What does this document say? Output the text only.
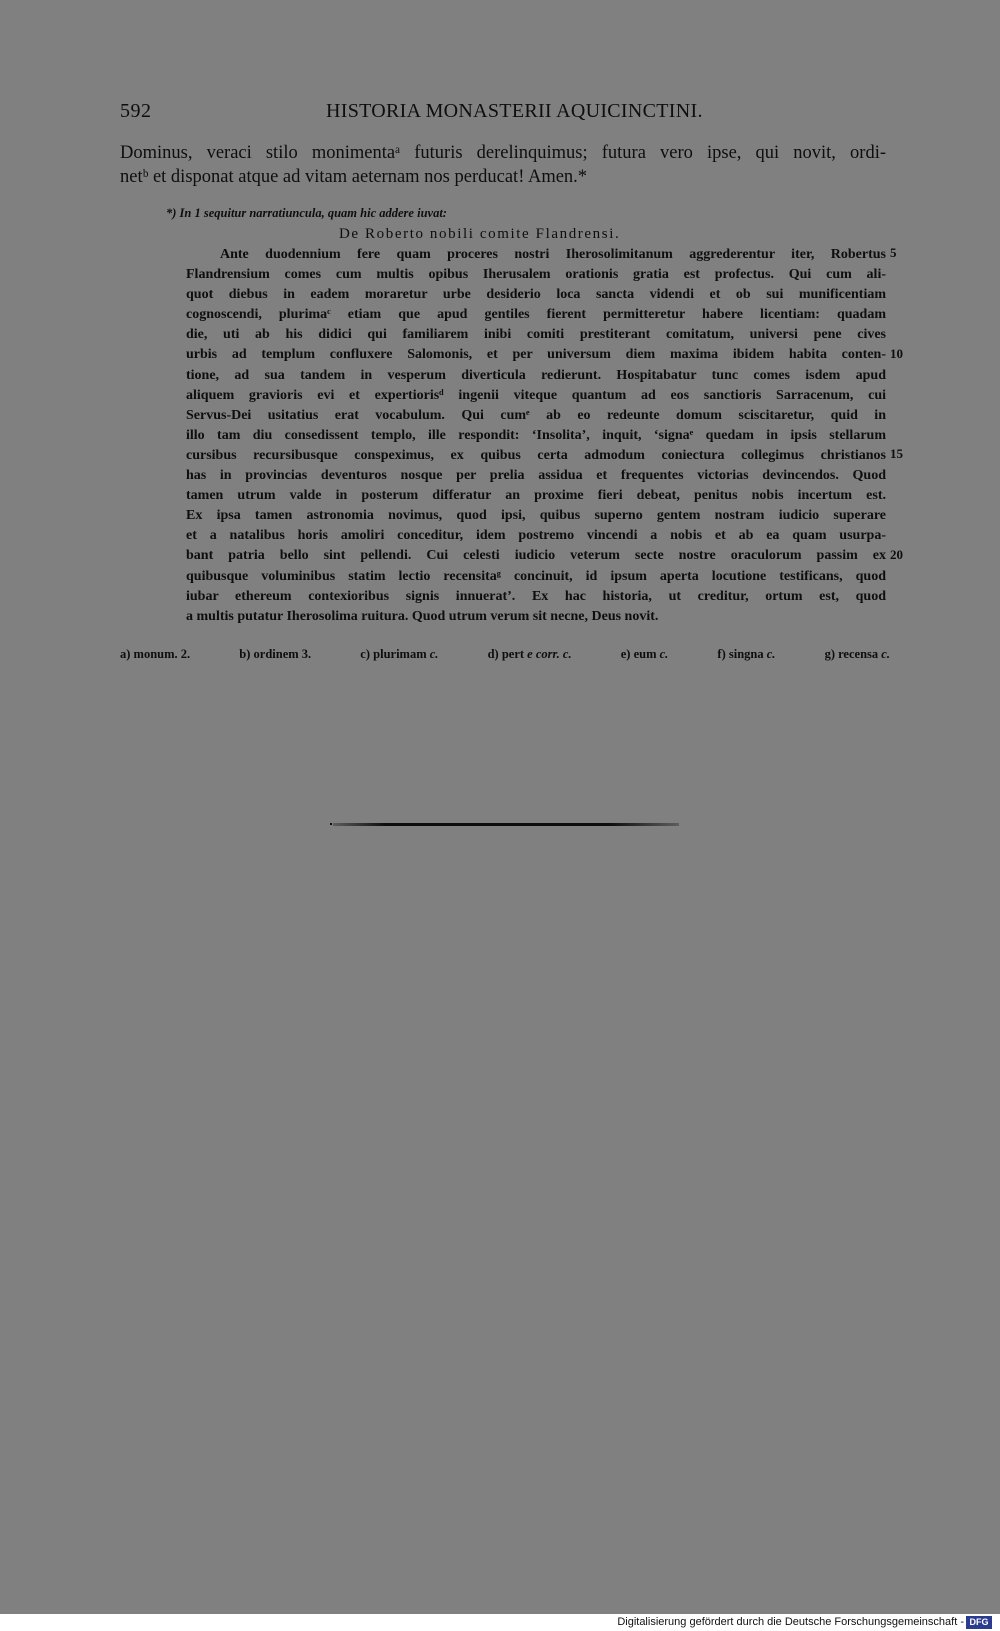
592	HISTORIA MONASTERII AQUICINCTINI.
Dominus, veraci stilo monimentaᵃ futuris derelinquimus; futura vero ipse, qui novit, ordi-
netᵇ et disponat atque ad vitam aeternam nos perducat! Amen.*
*) In 1 sequitur narratiuncula, quam hic addere iuvat:
De Roberto nobili comite Flandrensi.
Ante duodennium fere quam proceres nostri Iherosolimitanum aggrederentur iter, Robertus
Flandrensium comes cum multis opibus Iherusalem orationis gratia est profectus. Qui cum ali-
quot diebus in eadem moraretur urbe desiderio loca sancta videndi et ob sui munificentiam
cognoscendi, plurimaᶜ etiam que apud gentiles fierent permitteretur habere licentiam: quadam
die, uti ab his didici qui familiarem inibi comiti prestiterant comitatum, universi pene cives
urbis ad templum confluxere Salomonis, et per universum diem maxima ibidem habita conten-
tione, ad sua tandem in vesperum diverticula redierunt. Hospitabatur tunc comes isdem apud
aliquem gravioris evi et expertiorisᵈ ingenii viteque quantum ad eos sanctioris Sarracenum, cui
Servus-Dei usitatius erat vocabulum. Qui cumᵉ ab eo redeunte domum sciscitaretur, quid in
illo tam diu consedissent templo, ille respondit: ‘Insolita’, inquit, ‘signaᵉ quedam in ipsis stellarum
cursibus recursibusque conspeximus, ex quibus certa admodum coniectura collegimus christianos
has in provincias deventuros nosque per prelia assidua et frequentes victorias devincendos. Quod
tamen utrum valde in posterum differatur an proxime fieri debeat, penitus nobis incertum est.
Ex ipsa tamen astronomia novimus, quod ipsi, quibus superno gentem nostram iudicio superare
et a natalibus horis amoliri conceditur, idem postremo vincendi a nobis et ab ea quam usurpa-
bant patria bello sint pellendi. Cui celesti iudicio veterum secte nostre oraculorum passim ex
quibusque voluminibus statim lectio recensitaᵍ concinuit, id ipsum aperta locutione testificans, quod
iubar ethereum contexioribus signis innuerat’. Ex hac historia, ut creditur, ortum est, quod
a multis putatur Iherosolima ruitura. Quod utrum verum sit necne, Deus novit.
5
10
15
20
a) monum. 2.	b) ordinem 3.	c) plurimam c.	d) pert e corr. c.	e) eum c.	f) singna c.	g) recensa c.
Digitalisierung gefördert durch die Deutsche Forschungsgemeinschaft - DFG
